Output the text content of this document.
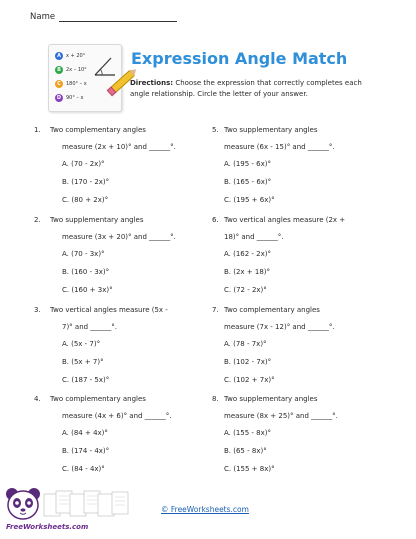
Name
A	x + 20°
B	2x – 10°
C	180° – x
D 90° – x
Expression Angle Match
Directions: Choose the expression that correctly completes each angle relationship. Circle the letter of your answer.
1. Two complementary angles
measure (2x + 10)° and ______°.
A. (70 - 2x)°
B. (170 - 2x)°
C. (80 + 2x)°
2. Two supplementary angles
measure (3x + 20)° and ______°.
A. (70 - 3x)°
B. (160 - 3x)°
C. (160 + 3x)°
3. Two vertical angles measure (5x -
7)° and ______°.
A. (5x - 7)°
B. (5x + 7)°
C. (187 - 5x)°
4. Two complementary angles
measure (4x + 6)° and ______°.
A. (84 + 4x)°
B. (174 - 4x)°
C. (84 - 4x)°
5. Two supplementary angles
measure (6x - 15)° and ______°.
A. (195 - 6x)°
B. (165 - 6x)°
C. (195 + 6x)°
6. Two vertical angles measure (2x +
18)° and ______°.
A. (162 - 2x)°
B. (2x + 18)°
C. (72 - 2x)°
7. Two complementary angles
measure (7x - 12)° and ______°.
A. (78 - 7x)°
B. (102 - 7x)°
C. (102 + 7x)°
8. Two supplementary angles
measure (8x + 25)° and ______°.
A. (155 - 8x)°
B. (65 - 8x)°
C. (155 + 8x)°
FreeWorksheets.com
© FreeWorksheets.com
